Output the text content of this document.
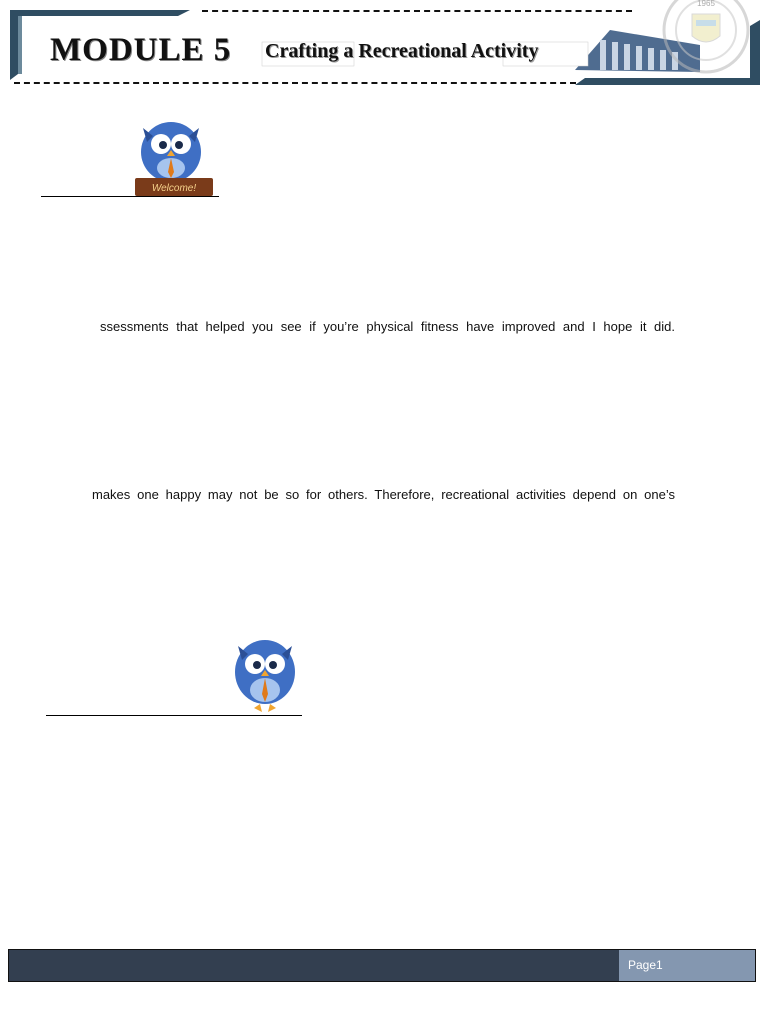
1965
MODULE 5 Crafting a Recreational Activity
Welcome!
ssessments that helped you see if you’re physical fitness have improved and I hope it did.
makes one happy may not be so for others. Therefore, recreational activities depend on one’s
Page1
